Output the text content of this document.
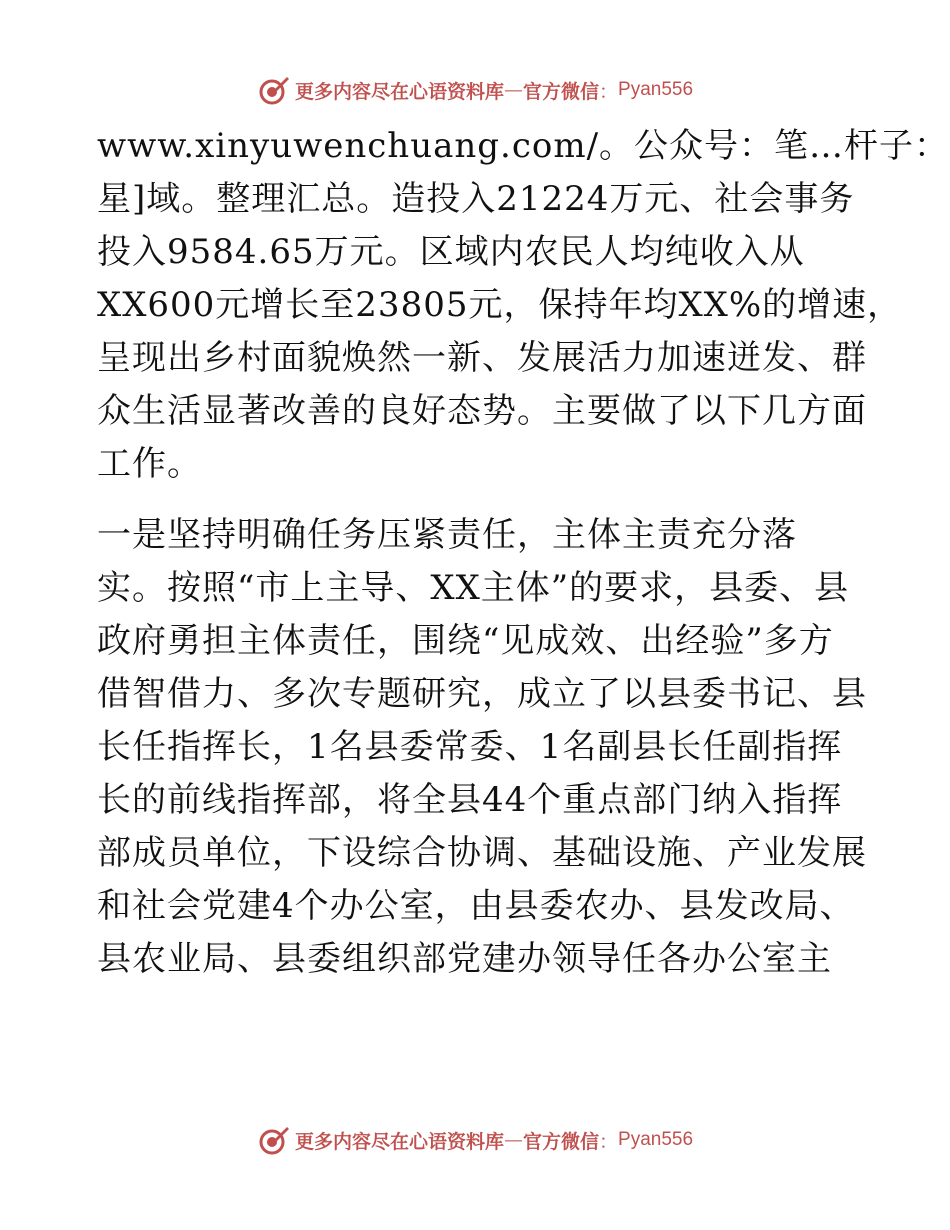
更多内容尽在心语资料库 — 官方微信 ： Pyan556
www.xinyuwenchuang.com/。公众号：笔…杆子：
星]域。整理汇总。造投入21224万元、社会事务
投入9584.65万元。区域内农民人均纯收入从
XX600元增长至23805元，保持年均XX%的增速，
呈现出乡村面貌焕然一新、发展活力加速迸发、群
众生活显著改善的良好态势。主要做了以下几方面
工作。
一是坚持明确任务压紧责任，主体主责充分落
实。按照“市上主导、XX主体”的要求，县委、县
政府勇担主体责任，围绕“见成效、出经验”多方
借智借力、多次专题研究，成立了以县委书记、县
长任指挥长，1名县委常委、1名副县长任副指挥
长的前线指挥部，将全县44个重点部门纳入指挥
部成员单位，下设综合协调、基础设施、产业发展
和社会党建4个办公室，由县委农办、县发改局、
县农业局、县委组织部党建办领导任各办公室主
更多内容尽在心语资料库 — 官方微信 ： Pyan556
